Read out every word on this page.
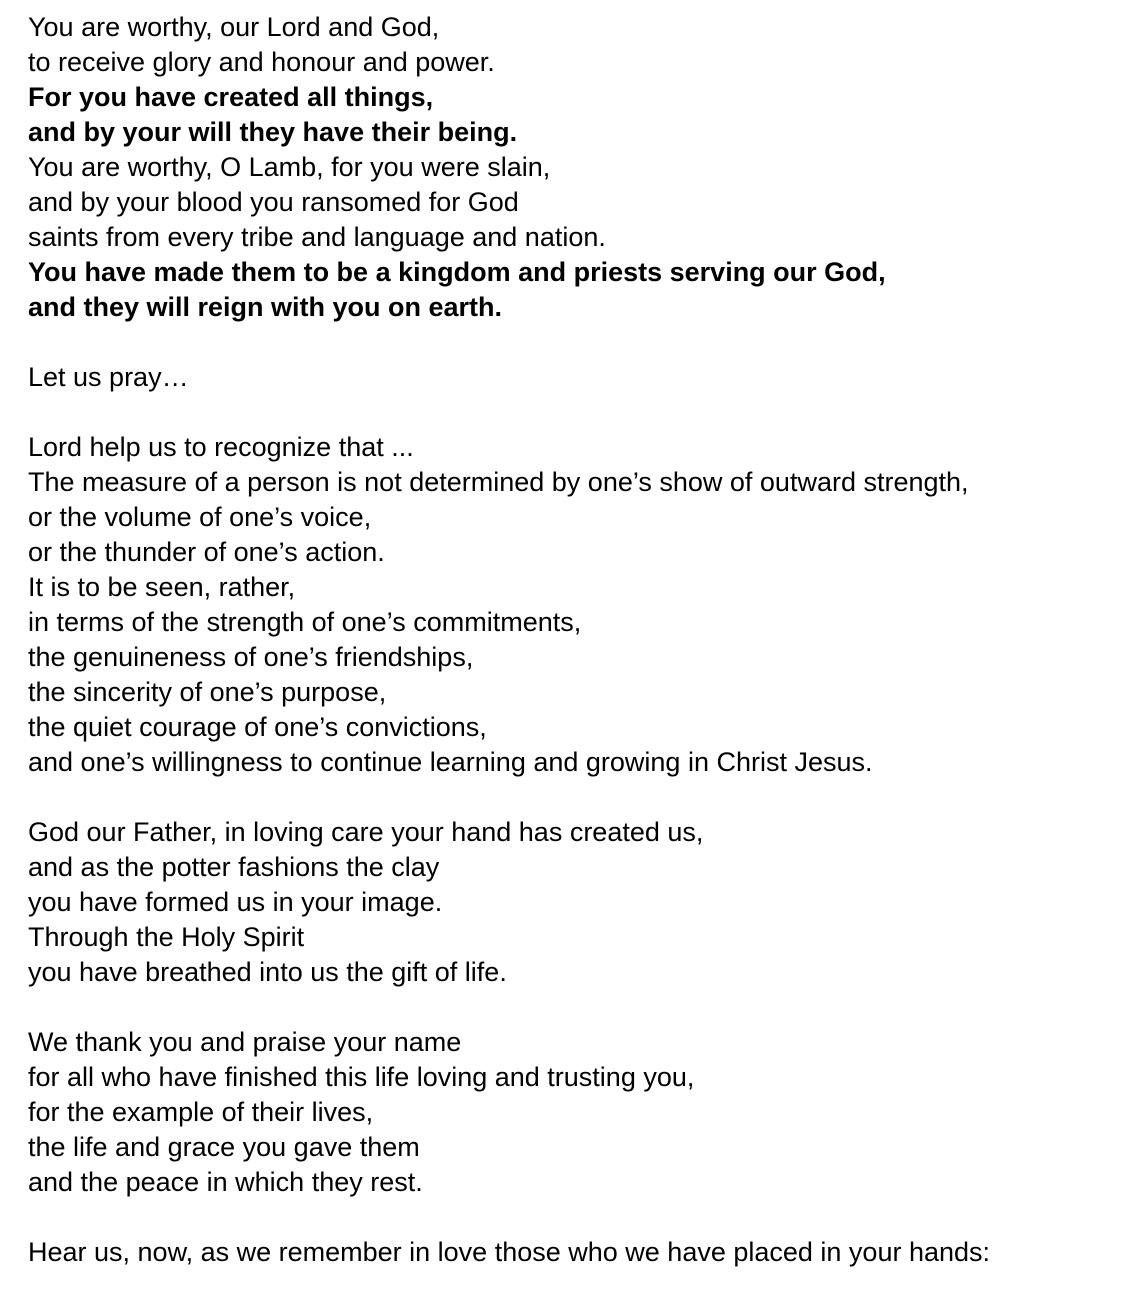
You are worthy, our Lord and God,
to receive glory and honour and power.
For you have created all things,
and by your will they have their being.
You are worthy, O Lamb, for you were slain,
and by your blood you ransomed for God
saints from every tribe and language and nation.
You have made them to be a kingdom and priests serving our God,
and they will reign with you on earth.
Let us pray…
Lord help us to recognize that ...
The measure of a person is not determined by one’s show of outward strength,
or the volume of one’s voice,
or the thunder of one’s action.
It is to be seen, rather,
in terms of the strength of one’s commitments,
the genuineness of one’s friendships,
the sincerity of one’s purpose,
the quiet courage of one’s convictions,
and one’s willingness to continue learning and growing in Christ Jesus.
God our Father, in loving care your hand has created us,
and as the potter fashions the clay
you have formed us in your image.
Through the Holy Spirit
you have breathed into us the gift of life.
We thank you and praise your name
for all who have finished this life loving and trusting you,
for the example of their lives,
the life and grace you gave them
and the peace in which they rest.
Hear us, now, as we remember in love those who we have placed in your hands:
